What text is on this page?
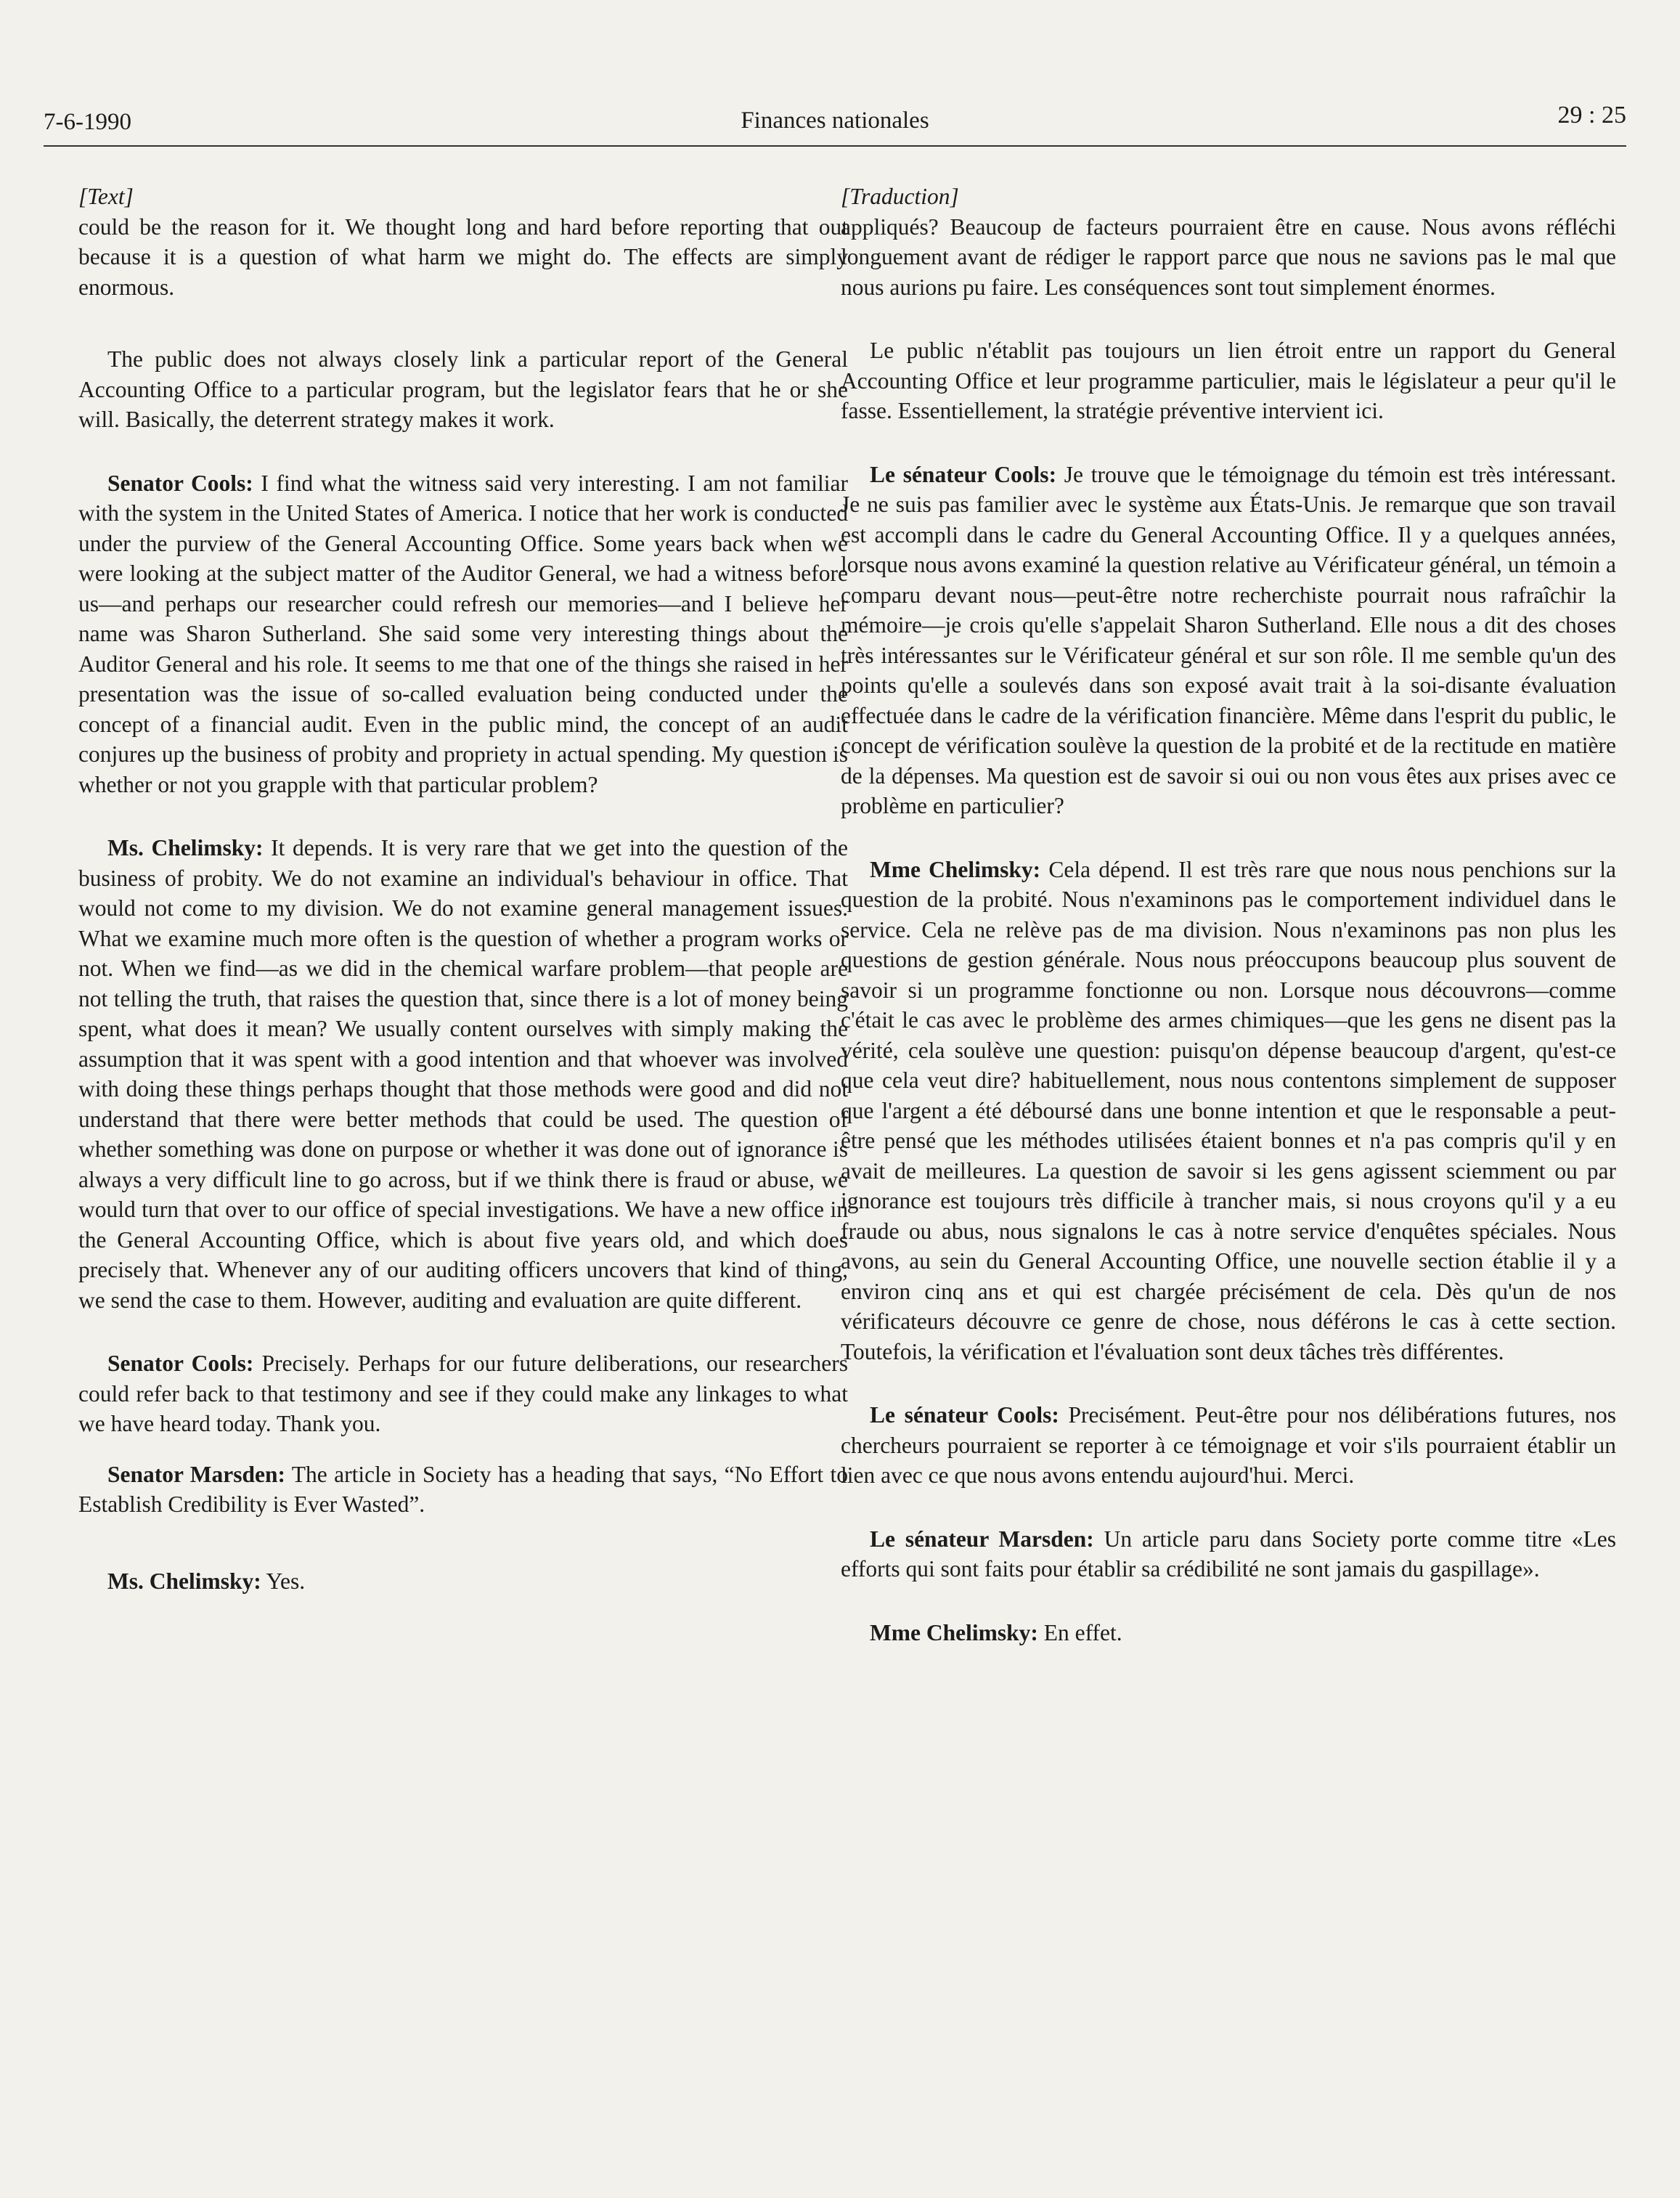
7-6-1990	Finances nationales	29 : 25
[Text]

could be the reason for it. We thought long and hard before reporting that out because it is a question of what harm we might do. The effects are simply enormous.

The public does not always closely link a particular report of the General Accounting Office to a particular program, but the legislator fears that he or she will. Basically, the deterrent strategy makes it work.

Senator Cools: I find what the witness said very interesting. I am not familiar with the system in the United States of America. I notice that her work is conducted under the purview of the General Accounting Office. Some years back when we were looking at the subject matter of the Auditor General, we had a witness before us—and perhaps our researcher could refresh our memories—and I believe her name was Sharon Sutherland. She said some very interesting things about the Auditor General and his role. It seems to me that one of the things she raised in her presentation was the issue of so-called evaluation being conducted under the concept of a financial audit. Even in the public mind, the concept of an audit conjures up the business of probity and propriety in actual spending. My question is whether or not you grapple with that particular problem?

Ms. Chelimsky: It depends. It is very rare that we get into the question of the business of probity. We do not examine an individual's behaviour in office. That would not come to my division. We do not examine general management issues. What we examine much more often is the question of whether a program works or not. When we find—as we did in the chemical warfare problem—that people are not telling the truth, that raises the question that, since there is a lot of money being spent, what does it mean? We usually content ourselves with simply making the assumption that it was spent with a good intention and that whoever was involved with doing these things perhaps thought that those methods were good and did not understand that there were better methods that could be used. The question of whether something was done on purpose or whether it was done out of ignorance is always a very difficult line to go across, but if we think there is fraud or abuse, we would turn that over to our office of special investigations. We have a new office in the General Accounting Office, which is about five years old, and which does precisely that. Whenever any of our auditing officers uncovers that kind of thing, we send the case to them. However, auditing and evaluation are quite different.

Senator Cools: Precisely. Perhaps for our future deliberations, our researchers could refer back to that testimony and see if they could make any linkages to what we have heard today. Thank you.

Senator Marsden: The article in Society has a heading that says, “No Effort to Establish Credibility is Ever Wasted”.

Ms. Chelimsky: Yes.

[Traduction]

appliqués? Beaucoup de facteurs pourraient être en cause. Nous avons réfléchi longuement avant de rédiger le rapport parce que nous ne savions pas le mal que nous aurions pu faire. Les conséquences sont tout simplement énormes.

Le public n'établit pas toujours un lien étroit entre un rapport du General Accounting Office et leur programme particulier, mais le législateur a peur qu'il le fasse. Essentiellement, la stratégie préventive intervient ici.

Le sénateur Cools: Je trouve que le témoignage du témoin est très intéressant. Je ne suis pas familier avec le système aux États-Unis. Je remarque que son travail est accompli dans le cadre du General Accounting Office. Il y a quelques années, lorsque nous avons examiné la question relative au Vérificateur général, un témoin a comparu devant nous—peut-être notre recherchiste pourrait nous rafraîchir la mémoire—je crois qu'elle s'appelait Sharon Sutherland. Elle nous a dit des choses très intéressantes sur le Vérificateur général et sur son rôle. Il me semble qu'un des points qu'elle a soulevés dans son exposé avait trait à la soi-disante évaluation effectuée dans le cadre de la vérification financière. Même dans l'esprit du public, le concept de vérification soulève la question de la probité et de la rectitude en matière de la dépenses. Ma question est de savoir si oui ou non vous êtes aux prises avec ce problème en particulier?

Mme Chelimsky: Cela dépend. Il est très rare que nous nous penchions sur la question de la probité. Nous n'examinons pas le comportement individuel dans le service. Cela ne relève pas de ma division. Nous n'examinons pas non plus les questions de gestion générale. Nous nous préoccupons beaucoup plus souvent de savoir si un programme fonctionne ou non. Lorsque nous découvrons—comme c'était le cas avec le problème des armes chimiques—que les gens ne disent pas la vérité, cela soulève une question: puisqu'on dépense beaucoup d'argent, qu'est-ce que cela veut dire? habituellement, nous nous contentons simplement de supposer que l'argent a été déboursé dans une bonne intention et que le responsable a peut-être pensé que les méthodes utilisées étaient bonnes et n'a pas compris qu'il y en avait de meilleures. La question de savoir si les gens agissent sciemment ou par ignorance est toujours très difficile à trancher mais, si nous croyons qu'il y a eu fraude ou abus, nous signalons le cas à notre service d'enquêtes spéciales. Nous avons, au sein du General Accounting Office, une nouvelle section établie il y a environ cinq ans et qui est chargée précisément de cela. Dès qu'un de nos vérificateurs découvre ce genre de chose, nous déférons le cas à cette section. Toutefois, la vérification et l'évaluation sont deux tâches très différentes.

Le sénateur Cools: Precisément. Peut-être pour nos délibérations futures, nos chercheurs pourraient se reporter à ce témoignage et voir s'ils pourraient établir un lien avec ce que nous avons entendu aujourd'hui. Merci.

Le sénateur Marsden: Un article paru dans Society porte comme titre «Les efforts qui sont faits pour établir sa crédibilité ne sont jamais du gaspillage».

Mme Chelimsky: En effet.
